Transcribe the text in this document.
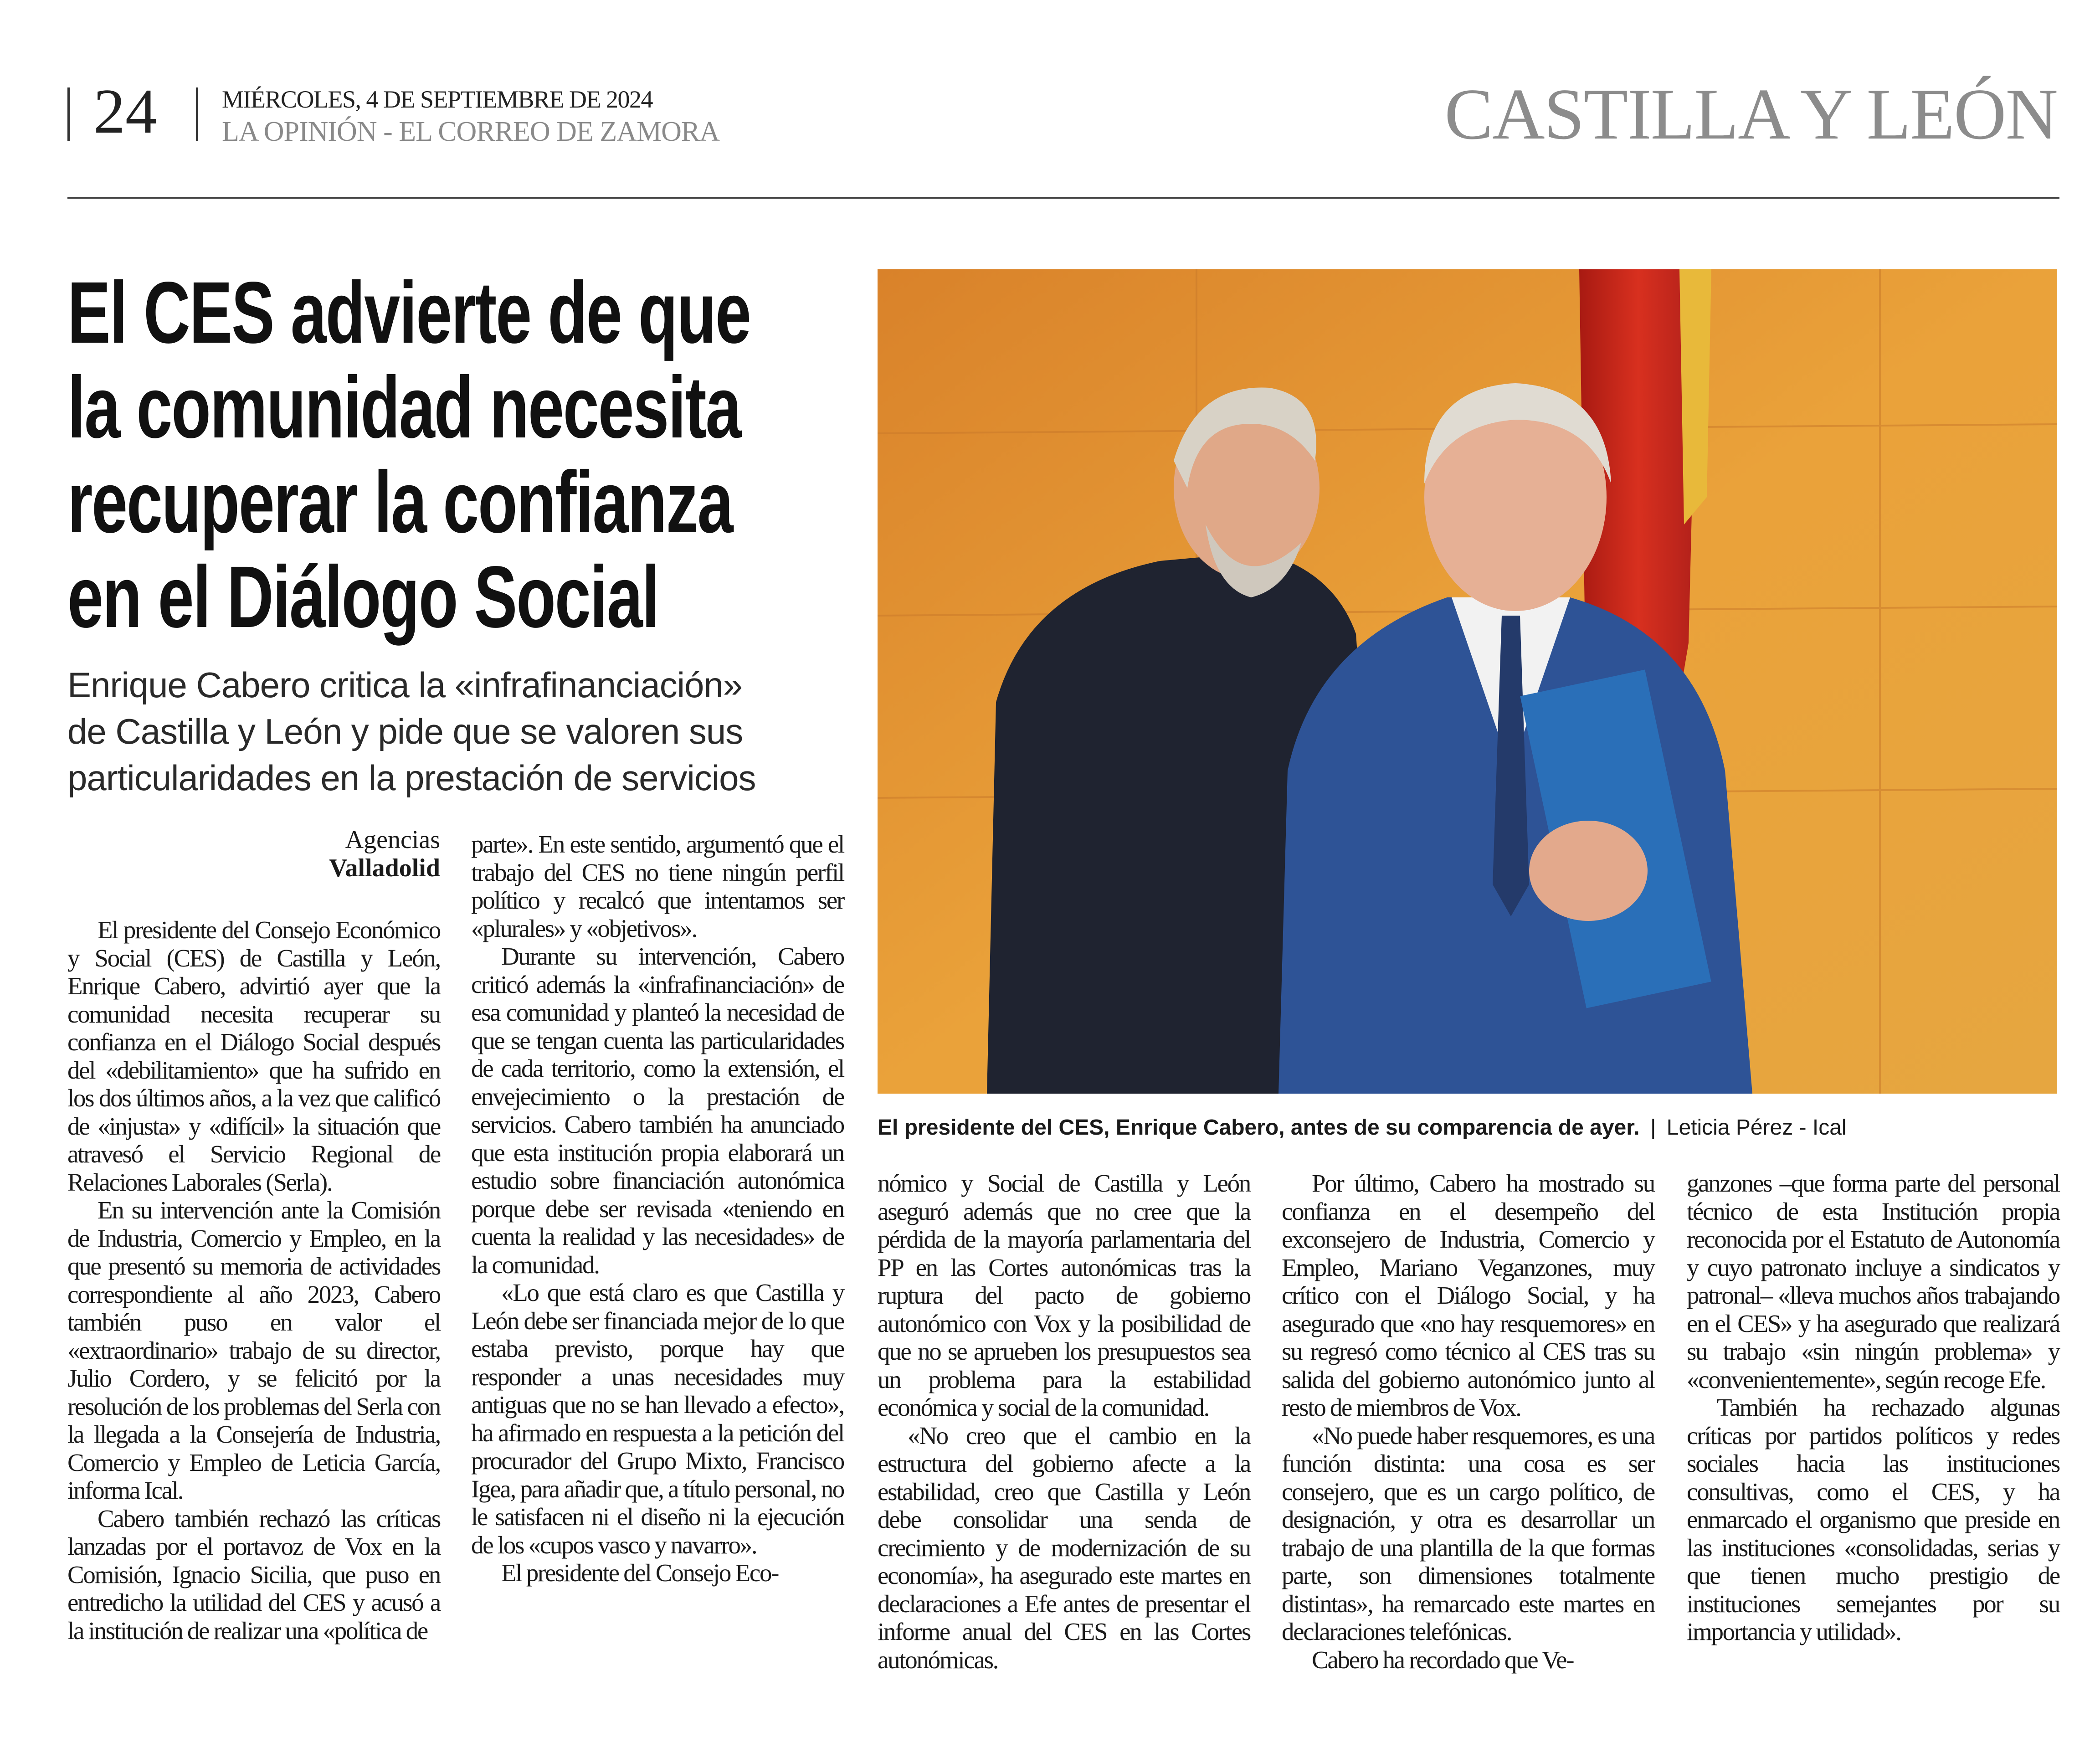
24	MIÉRCOLES, 4 DE SEPTIEMBRE DE 2024
LA OPINIÓN - EL CORREO DE ZAMORA	CASTILLA Y LEÓN
El CES advierte de que
la comunidad necesita
recuperar la confianza
en el Diálogo Social
Enrique Cabero critica la «infrafinanciación»
de Castilla y León y pide que se valoren sus
particularidades en la prestación de servicios
Agencias
Valladolid
El presidente del CES, Enrique Cabero, antes de su comparencia de ayer. | Leticia Pérez - Ical

El presidente del Consejo Económico y Social (CES) de Castilla y León, Enrique Cabero, advirtió ayer que la comunidad necesita recuperar su confianza en el Diálogo Social después del «debilitamiento» que ha sufrido en los dos últimos años, a la vez que calificó de «injusta» y «difícil» la situación que atravesó el Servicio Regional de Relaciones Laborales (Serla).

En su intervención ante la Comisión de Industria, Comercio y Empleo, en la que presentó su memoria de actividades correspondiente al año 2023, Cabero también puso en valor el «extraordinario» trabajo de su director, Julio Cordero, y se felicitó por la resolución de los problemas del Serla con la llegada a la Consejería de Industria, Comercio y Empleo de Leticia García, informa Ical.

Cabero también rechazó las críticas lanzadas por el portavoz de Vox en la Comisión, Ignacio Sicilia, que puso en entredicho la utilidad del CES y acusó a la institución de realizar una «política de

parte». En este sentido, argumentó que el trabajo del CES no tiene ningún perfil político y recalcó que intentamos ser «plurales» y «objetivos».

Durante su intervención, Cabero criticó además la «infrafinanciación» de esa comunidad y planteó la necesidad de que se tengan cuenta las particularidades de cada territorio, como la extensión, el envejecimiento o la prestación de servicios. Cabero también ha anunciado que esta institución propia elaborará un estudio sobre financiación autonómica porque debe ser revisada «teniendo en cuenta la realidad y las necesidades» de la comunidad.

«Lo que está claro es que Castilla y León debe ser financiada mejor de lo que estaba previsto, porque hay que responder a unas necesidades muy antiguas que no se han llevado a efecto», ha afirmado en respuesta a la petición del procurador del Grupo Mixto, Francisco Igea, para añadir que, a título personal, no le satisfacen ni el diseño ni la ejecución de los «cupos vasco y navarro».

El presidente del Consejo Eco-

nómico y Social de Castilla y León aseguró además que no cree que la pérdida de la mayoría parlamentaria del PP en las Cortes autonómicas tras la ruptura del pacto de gobierno autonómico con Vox y la posibilidad de que no se aprueben los presupuestos sea un problema para la estabilidad económica y social de la comunidad.

«No creo que el cambio en la estructura del gobierno afecte a la estabilidad, creo que Castilla y León debe consolidar una senda de crecimiento y de modernización de su economía», ha asegurado este martes en declaraciones a Efe antes de presentar el informe anual del CES en las Cortes autonómicas.

Por último, Cabero ha mostrado su confianza en el desempeño del exconsejero de Industria, Comercio y Empleo, Mariano Veganzones, muy crítico con el Diálogo Social, y ha asegurado que «no hay resquemores» en su regresó como técnico al CES tras su salida del gobierno autonómico junto al resto de miembros de Vox.

«No puede haber resquemores, es una función distinta: una cosa es ser consejero, que es un cargo político, de designación, y otra es desarrollar un trabajo de una plantilla de la que formas parte, son dimensiones totalmente distintas», ha remarcado este martes en declaraciones telefónicas.

Cabero ha recordado que Ve-

ganzones –que forma parte del personal técnico de esta Institución propia reconocida por el Estatuto de Autonomía y cuyo patronato incluye a sindicatos y patronal– «lleva muchos años trabajando en el CES» y ha asegurado que realizará su trabajo «sin ningún problema» y «convenientemente», según recoge Efe.

También ha rechazado algunas críticas por partidos políticos y redes sociales hacia las instituciones consultivas, como el CES, y ha enmarcado el organismo que preside en las instituciones «consolidadas, serias y que tienen mucho prestigio de instituciones semejantes por su importancia y utilidad».
